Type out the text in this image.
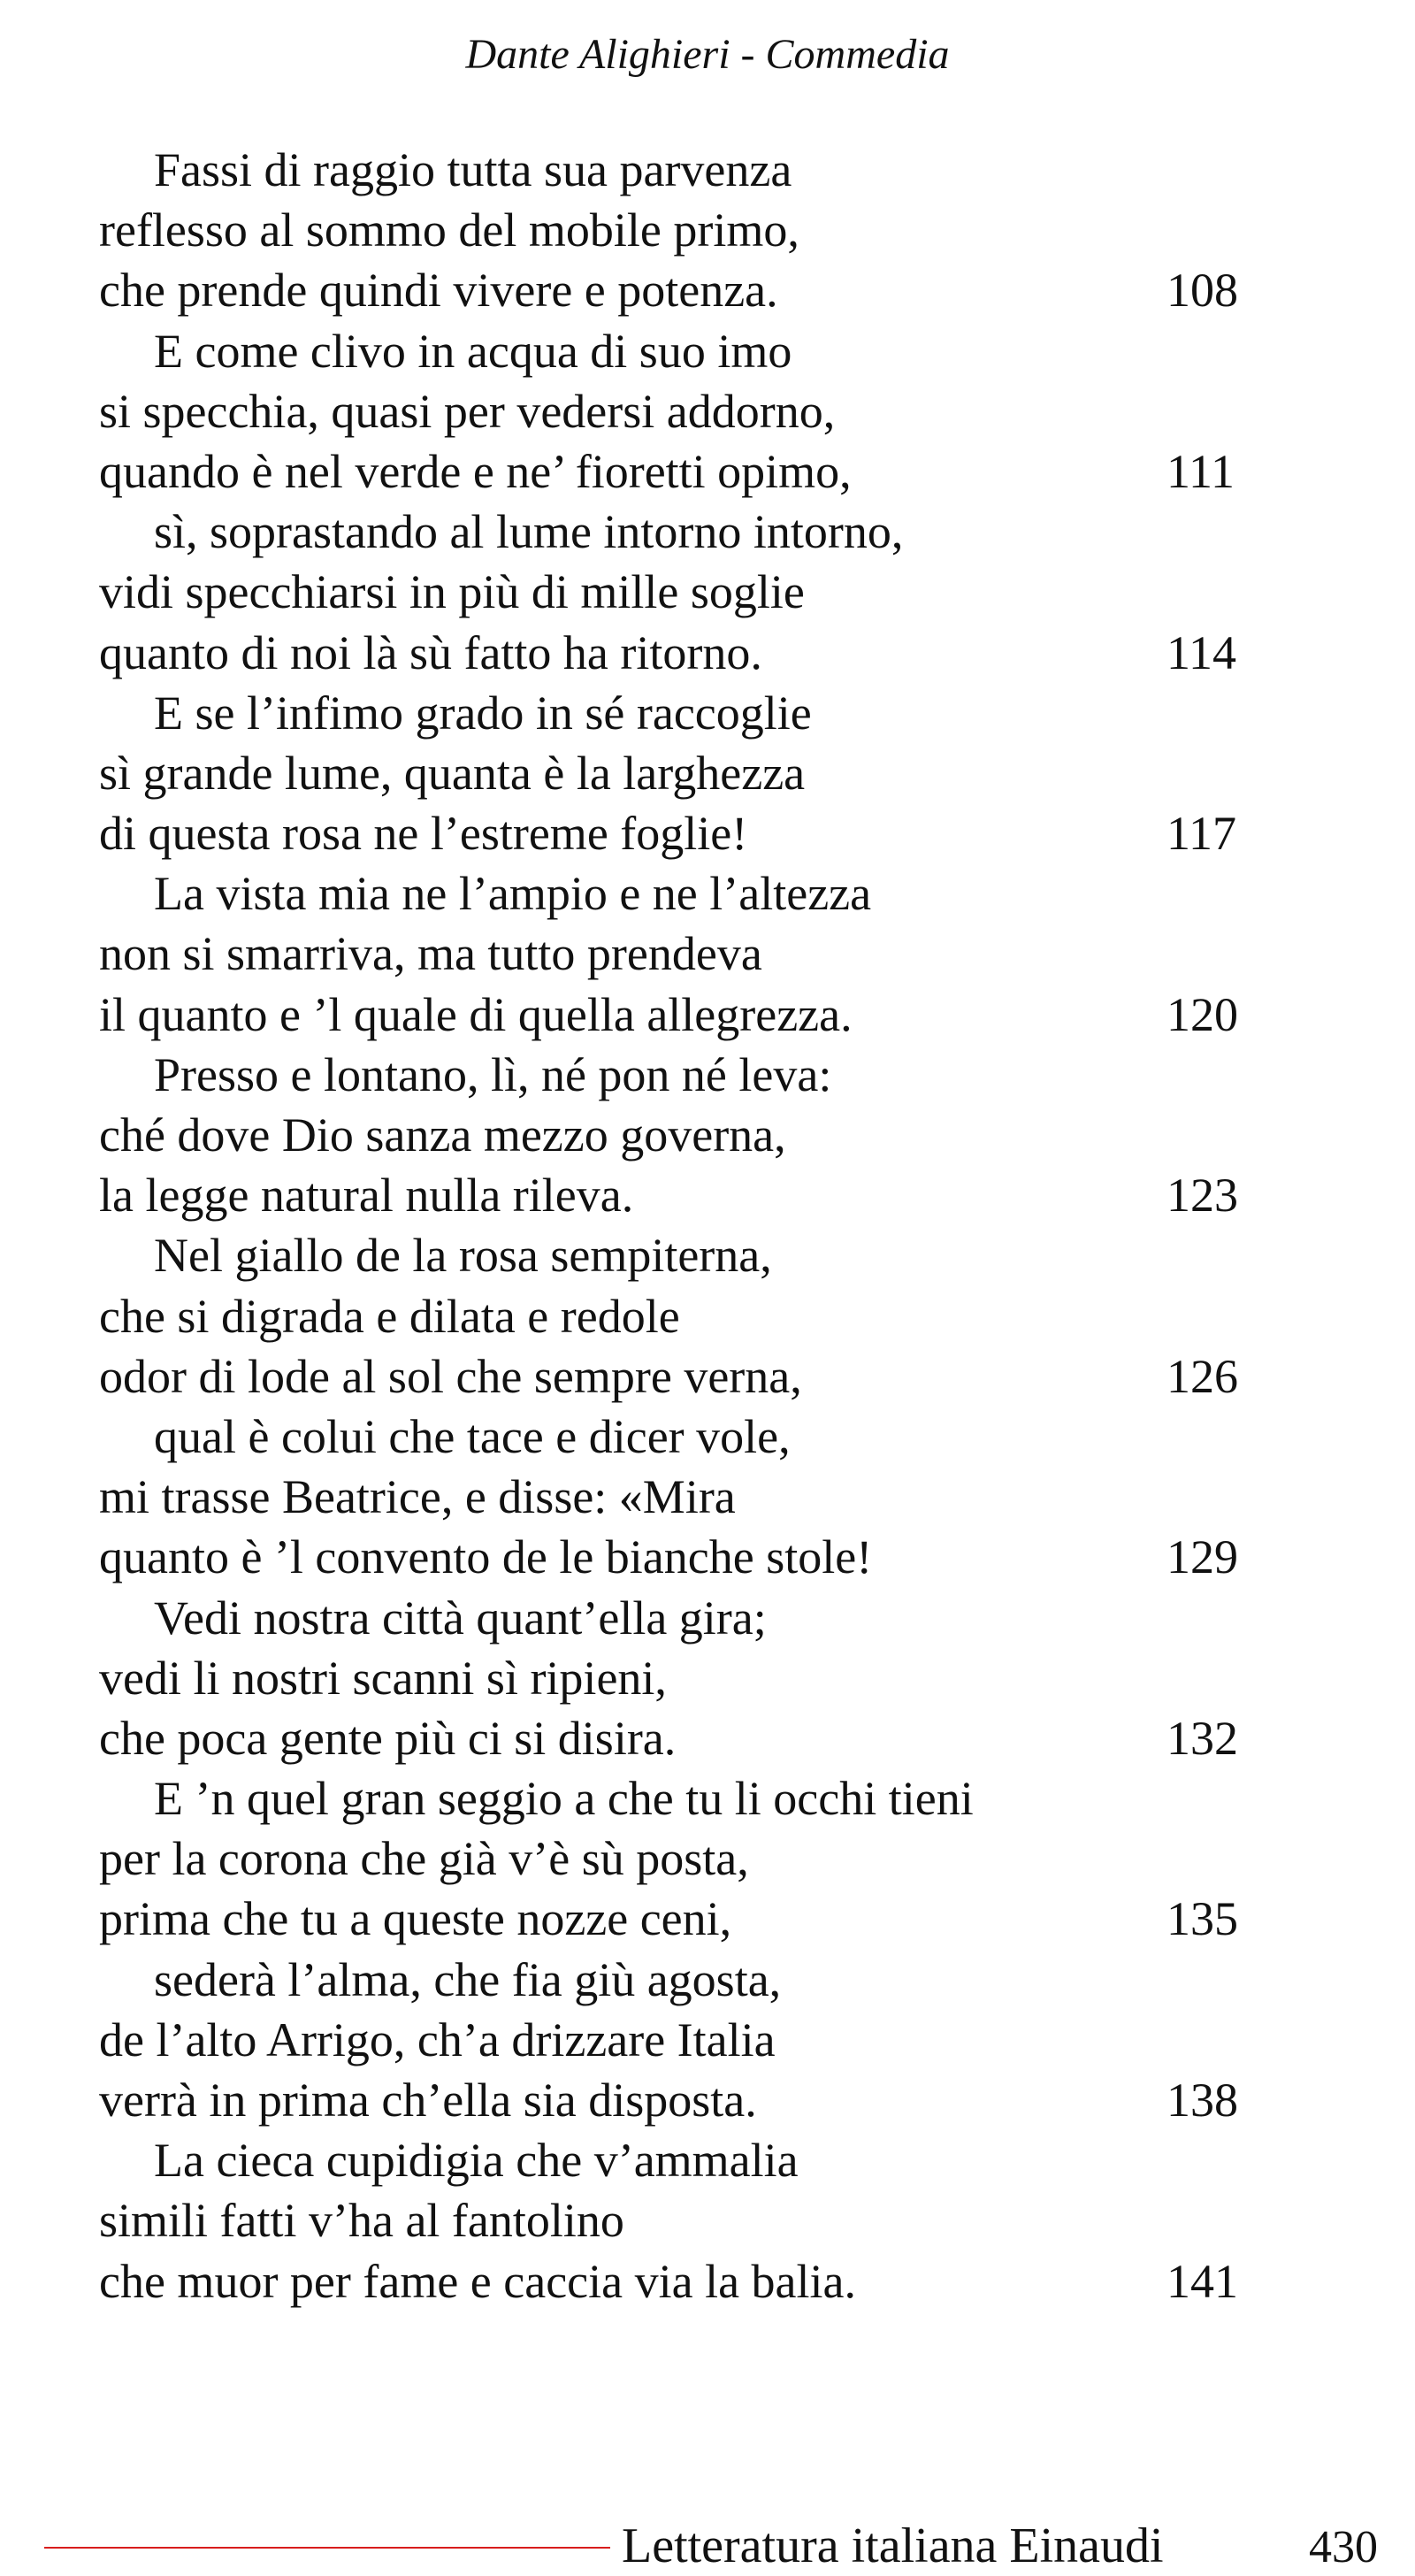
Dante Alighieri - Commedia
Fassi di raggio tutta sua parvenza
reflesso al sommo del mobile primo,
che prende quindi vivere e potenza.	108
E come clivo in acqua di suo imo
si specchia, quasi per vedersi addorno,
quando è nel verde e ne’ fioretti opimo,	111
sì, soprastando al lume intorno intorno,
vidi specchiarsi in più di mille soglie
quanto di noi là sù fatto ha ritorno.	114
E se l’infimo grado in sé raccoglie
sì grande lume, quanta è la larghezza
di questa rosa ne l’estreme foglie!	117
La vista mia ne l’ampio e ne l’altezza
non si smarriva, ma tutto prendeva
il quanto e ’l quale di quella allegrezza.	120
Presso e lontano, lì, né pon né leva:
ché dove Dio sanza mezzo governa,
la legge natural nulla rileva.	123
Nel giallo de la rosa sempiterna,
che si digrada e dilata e redole
odor di lode al sol che sempre verna,	126
qual è colui che tace e dicer vole,
mi trasse Beatrice, e disse: «Mira
quanto è ’l convento de le bianche stole!	129
Vedi nostra città quant’ella gira;
vedi li nostri scanni sì ripieni,
che poca gente più ci si disira.	132
E ’n quel gran seggio a che tu li occhi tieni
per la corona che già v’è sù posta,
prima che tu a queste nozze ceni,	135
sederà l’alma, che fia giù agosta,
de l’alto Arrigo, ch’a drizzare Italia
verrà in prima ch’ella sia disposta.	138
La cieca cupidigia che v’ammalia
simili fatti v’ha al fantolino
che muor per fame e caccia via la balia.	141
Letteratura italiana Einaudi	430
